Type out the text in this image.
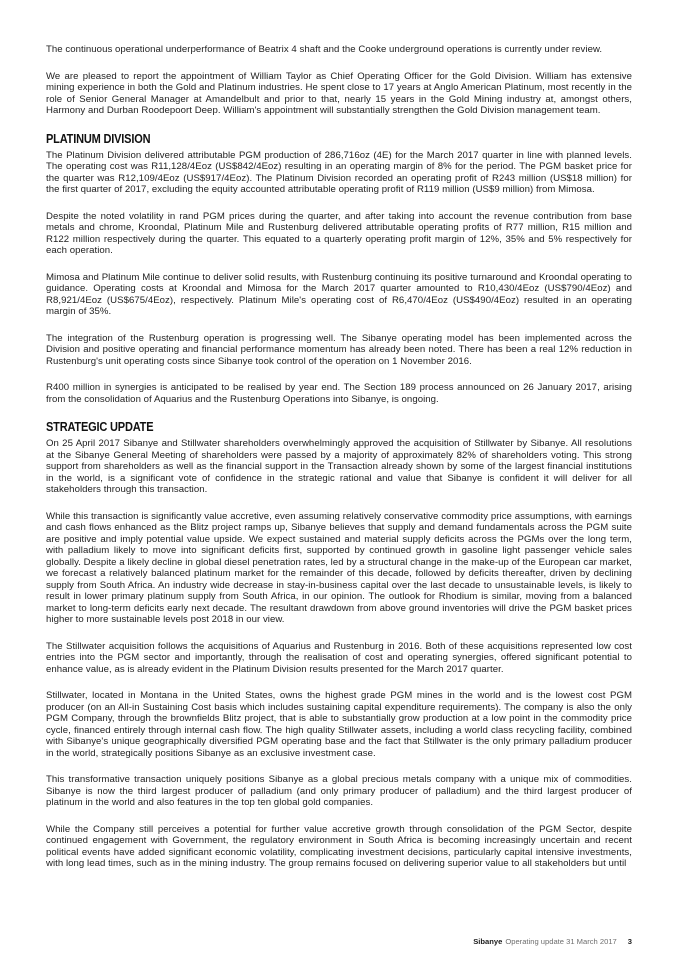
The continuous operational underperformance of Beatrix 4 shaft and the Cooke underground operations is currently under review.

We are pleased to report the appointment of William Taylor as Chief Operating Officer for the Gold Division. William has extensive mining experience in both the Gold and Platinum industries. He spent close to 17 years at Anglo American Platinum, most recently in the role of Senior General Manager at Amandelbult and prior to that, nearly 15 years in the Gold Mining industry at, amongst others, Harmony and Durban Roodepoort Deep. William's appointment will substantially strengthen the Gold Division management team.

PLATINUM DIVISION

The Platinum Division delivered attributable PGM production of 286,716oz (4E) for the March 2017 quarter in line with planned levels. The operating cost was R11,128/4Eoz (US$842/4Eoz) resulting in an operating margin of 8% for the period. The PGM basket price for the quarter was R12,109/4Eoz (US$917/4Eoz). The Platinum Division recorded an operating profit of R243 million (US$18 million) for the first quarter of 2017, excluding the equity accounted attributable operating profit of R119 million (US$9 million) from Mimosa.

Despite the noted volatility in rand PGM prices during the quarter, and after taking into account the revenue contribution from base metals and chrome, Kroondal, Platinum Mile and Rustenburg delivered attributable operating profits of R77 million, R15 million and R122 million respectively during the quarter. This equated to a quarterly operating profit margin of 12%, 35% and 5% respectively for each operation.

Mimosa and Platinum Mile continue to deliver solid results, with Rustenburg continuing its positive turnaround and Kroondal operating to guidance. Operating costs at Kroondal and Mimosa for the March 2017 quarter amounted to R10,430/4Eoz (US$790/4Eoz) and R8,921/4Eoz (US$675/4Eoz), respectively. Platinum Mile's operating cost of R6,470/4Eoz (US$490/4Eoz) resulted in an operating margin of 35%.

The integration of the Rustenburg operation is progressing well. The Sibanye operating model has been implemented across the Division and positive operating and financial performance momentum has already been noted. There has been a real 12% reduction in Rustenburg's unit operating costs since Sibanye took control of the operation on 1 November 2016.

R400 million in synergies is anticipated to be realised by year end. The Section 189 process announced on 26 January 2017, arising from the consolidation of Aquarius and the Rustenburg Operations into Sibanye, is ongoing.

STRATEGIC UPDATE

On 25 April 2017 Sibanye and Stillwater shareholders overwhelmingly approved the acquisition of Stillwater by Sibanye. All resolutions at the Sibanye General Meeting of shareholders were passed by a majority of approximately 82% of shareholders voting. This strong support from shareholders as well as the financial support in the Transaction already shown by some of the largest financial institutions in the world, is a significant vote of confidence in the strategic rational and value that Sibanye is confident it will deliver for all stakeholders through this transaction.

While this transaction is significantly value accretive, even assuming relatively conservative commodity price assumptions, with earnings and cash flows enhanced as the Blitz project ramps up, Sibanye believes that supply and demand fundamentals across the PGM suite are positive and imply potential value upside. We expect sustained and material supply deficits across the PGMs over the long term, with palladium likely to move into significant deficits first, supported by continued growth in gasoline light passenger vehicle sales globally. Despite a likely decline in global diesel penetration rates, led by a structural change in the make-up of the European car market, we forecast a relatively balanced platinum market for the remainder of this decade, followed by deficits thereafter, driven by declining supply from South Africa. An industry wide decrease in stay-in-business capital over the last decade to unsustainable levels, is likely to result in lower primary platinum supply from South Africa, in our opinion. The outlook for Rhodium is similar, moving from a balanced market to long-term deficits early next decade. The resultant drawdown from above ground inventories will drive the PGM basket prices higher to more sustainable levels post 2018 in our view.

The Stillwater acquisition follows the acquisitions of Aquarius and Rustenburg in 2016. Both of these acquisitions represented low cost entries into the PGM sector and importantly, through the realisation of cost and operating synergies, offered significant potential to enhance value, as is already evident in the Platinum Division results presented for the March 2017 quarter.

Stillwater, located in Montana in the United States, owns the highest grade PGM mines in the world and is the lowest cost PGM producer (on an All-in Sustaining Cost basis which includes sustaining capital expenditure requirements). The company is also the only PGM Company, through the brownfields Blitz project, that is able to substantially grow production at a low point in the commodity price cycle, financed entirely through internal cash flow. The high quality Stillwater assets, including a world class recycling facility, combined with Sibanye's unique geographically diversified PGM operating base and the fact that Stillwater is the only primary palladium producer in the world, strategically positions Sibanye as an exclusive investment case.

This transformative transaction uniquely positions Sibanye as a global precious metals company with a unique mix of commodities. Sibanye is now the third largest producer of palladium (and only primary producer of palladium) and the third largest producer of platinum in the world and also features in the top ten global gold companies.

While the Company still perceives a potential for further value accretive growth through consolidation of the PGM Sector, despite continued engagement with Government, the regulatory environment in South Africa is becoming increasingly uncertain and recent political events have added significant economic volatility, complicating investment decisions, particularly capital intensive investments, with long lead times, such as in the mining industry. The group remains focused on delivering superior value to all stakeholders but until

Sibanye Operating update 31 March 2017 3
